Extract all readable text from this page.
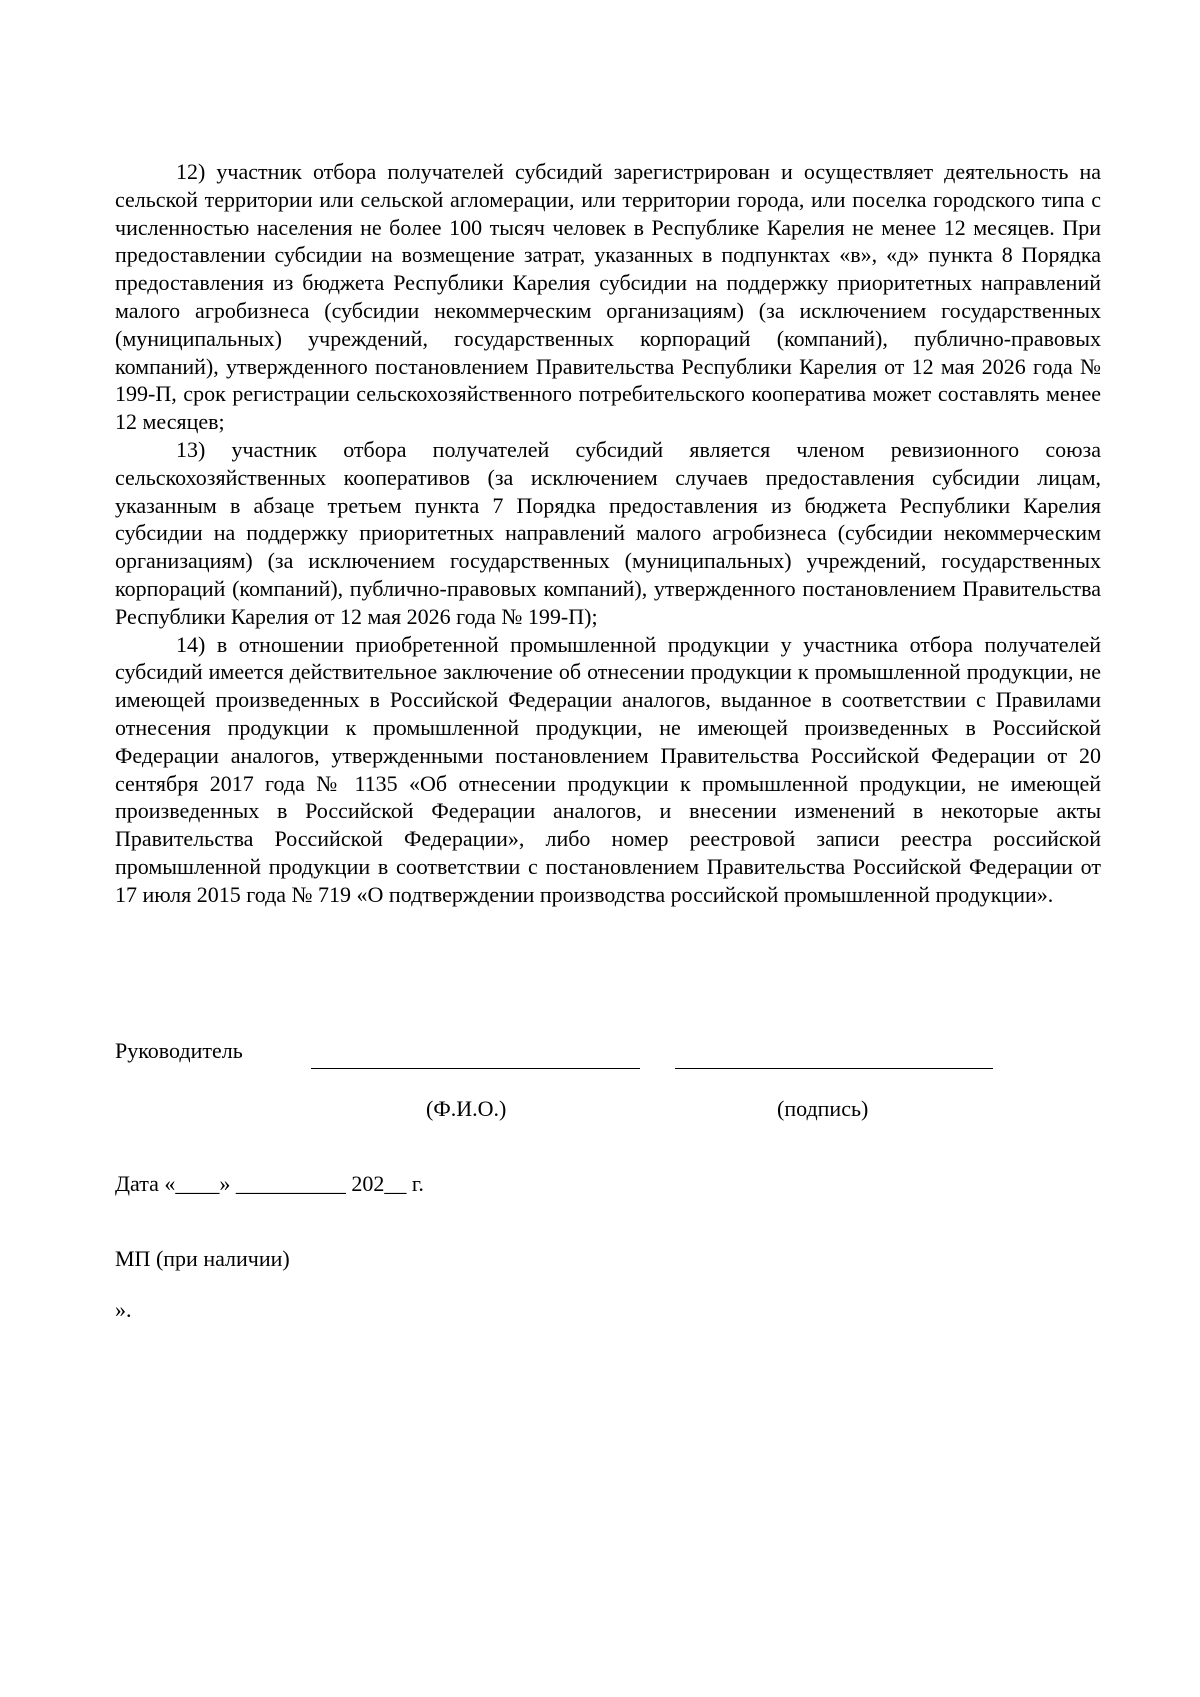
12) участник отбора получателей субсидий зарегистрирован и осуществляет деятельность на сельской территории или сельской агломерации, или территории города, или поселка городского типа с численностью населения не более 100 тысяч человек в Республике Карелия не менее 12 месяцев. При предоставлении субсидии на возмещение затрат, указанных в подпунктах «в», «д» пункта 8 Порядка предоставления из бюджета Республики Карелия субсидии на поддержку приоритетных направлений малого агробизнеса (субсидии некоммерческим организациям) (за исключением государственных (муниципальных) учреждений, государственных корпораций (компаний), публично-правовых компаний), утвержденного постановлением Правительства Республики Карелия от 12 мая 2026 года № 199-П, срок регистрации сельскохозяйственного потребительского кооператива может составлять менее 12 месяцев;

13) участник отбора получателей субсидий является членом ревизионного союза сельскохозяйственных кооперативов (за исключением случаев предоставления субсидии лицам, указанным в абзаце третьем пункта 7 Порядка предоставления из бюджета Республики Карелия субсидии на поддержку приоритетных направлений малого агробизнеса (субсидии некоммерческим организациям) (за исключением государственных (муниципальных) учреждений, государственных корпораций (компаний), публично-правовых компаний), утвержденного постановлением Правительства Республики Карелия от 12 мая 2026 года № 199-П);

14) в отношении приобретенной промышленной продукции у участника отбора получателей субсидий имеется действительное заключение об отнесении продукции к промышленной продукции, не имеющей произведенных в Российской Федерации аналогов, выданное в соответствии с Правилами отнесения продукции к промышленной продукции, не имеющей произведенных в Российской Федерации аналогов, утвержденными постановлением Правительства Российской Федерации от 20 сентября 2017 года № 1135 «Об отнесении продукции к промышленной продукции, не имеющей произведенных в Российской Федерации аналогов, и внесении изменений в некоторые акты Правительства Российской Федерации», либо номер реестровой записи реестра российской промышленной продукции в соответствии с постановлением Правительства Российской Федерации от 17 июля 2015 года № 719 «О подтверждении производства российской промышленной продукции».

Руководитель
(Ф.И.О.)	(подпись)
Дата «____» __________ 202__ г.
МП (при наличии)
».
